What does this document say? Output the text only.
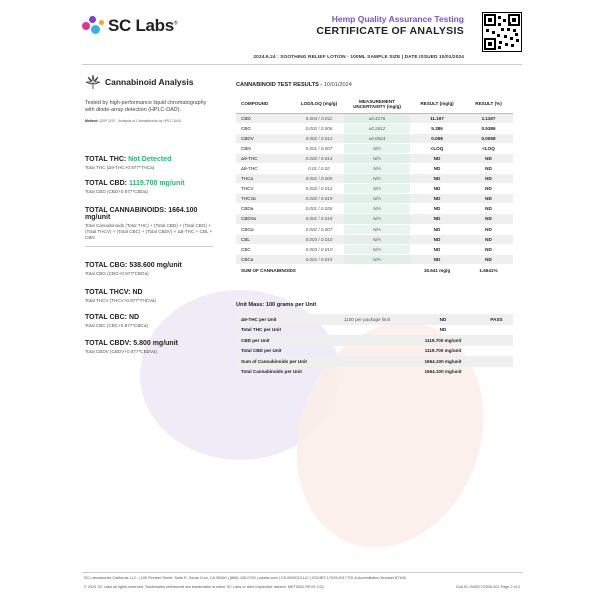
SC Labs®	Hemp Quality Assurance Testing
CERTIFICATE OF ANALYSIS
2024.9.24 : SOOTHING RELIEF LOTION - 100ML SAMPLE SIZE | DATE ISSUED 10/01/2024
Cannabinoid Analysis
Tested by high-performance liquid chromatography with diode-array detection (HPLC-DAD).
Method: QSP 1157 - Analysis of Cannabinoids by HPLC-DAD
TOTAL THC: Not Detected
Total THC (Δ9-THC+0.877*THCa)
TOTAL CBD: 1119.700 mg/unit
Total CBD (CBD+0.877*CBDa)
TOTAL CANNABINOIDS: 1664.100 mg/unit
Total Cannabinoids (Total THC) + (Total CBD) + (Total CBG) + (Total THCV) + (Total CBC) + (Total CBDV) + Δ8-THC + CBL + CBN
TOTAL CBG: 538.600 mg/unit
Total CBG (CBG+0.877*CBGa)
TOTAL THCV: ND
Total THCV (THCV+0.877*THCVa)
TOTAL CBC: ND
Total CBC (CBC+0.877*CBCa)
TOTAL CBDV: 5.800 mg/unit
Total CBDV (CBDV+0.877*CBDVa)
CANNABINOID TEST RESULTS - 10/01/2024
COMPOUND	LOD/LOQ (mg/g)	MEASUREMENT UNCERTAINTY (mg/g)	RESULT (mg/g)	RESULT (%)
CBD	0.004 / 0.011	±0.4176	11.197	1.1197
CBG	0.002 / 0.006	±0.2612	5.386	0.5386
CBDV	0.002 / 0.012	±0.0024	0.058	0.0058
CBN	0.001 / 0.007	N/A	<LOQ	<LOQ
Δ9-THC	0.002 / 0.014	N/A	ND	ND
Δ8-THC	0.01 / 0.02	N/A	ND	ND
THCa	0.001 / 0.005	N/A	ND	ND
THCV	0.002 / 0.012	N/A	ND	ND
THCVa	0.002 / 0.019	N/A	ND	ND
CBDa	0.001 / 0.026	N/A	ND	ND
CBDVa	0.001 / 0.018	N/A	ND	ND
CBGa	0.002 / 0.007	N/A	ND	ND
CBL	0.003 / 0.010	N/A	ND	ND
CBC	0.003 / 0.010	N/A	ND	ND
CBCa	0.001 / 0.015	N/A	ND	ND
SUM OF CANNABINOIDS			16.641 mg/g	1.6641%
Unit Mass: 100 grams per Unit
Δ9-THC per Unit	1100 per-package limit	ND	PASS
Total THC per Unit		ND	
CBD per Unit		1119.700 mg/unit	
Total CBD per Unit		1119.700 mg/unit	
Sum of Cannabinoids per Unit		1664.100 mg/unit	
Total Cannabinoids per Unit		1664.100 mg/unit	
SC Laboratories California LLC. | 100 Pioneer Street, Suite E, Santa Cruz, CA 95060 | (866) 435-0709 | sclabs.com | C8-0000013-LIC | ISO/IES 17025:2017 PJLA Accreditation Number 87168
© 2024 SC Labs all rights reserved. Trademarks referenced are trademarks of either SC Labs or their respective owners. MKT0002 REV9 2/22	CoA ID: 240927G006-001 Page 2 of 2
